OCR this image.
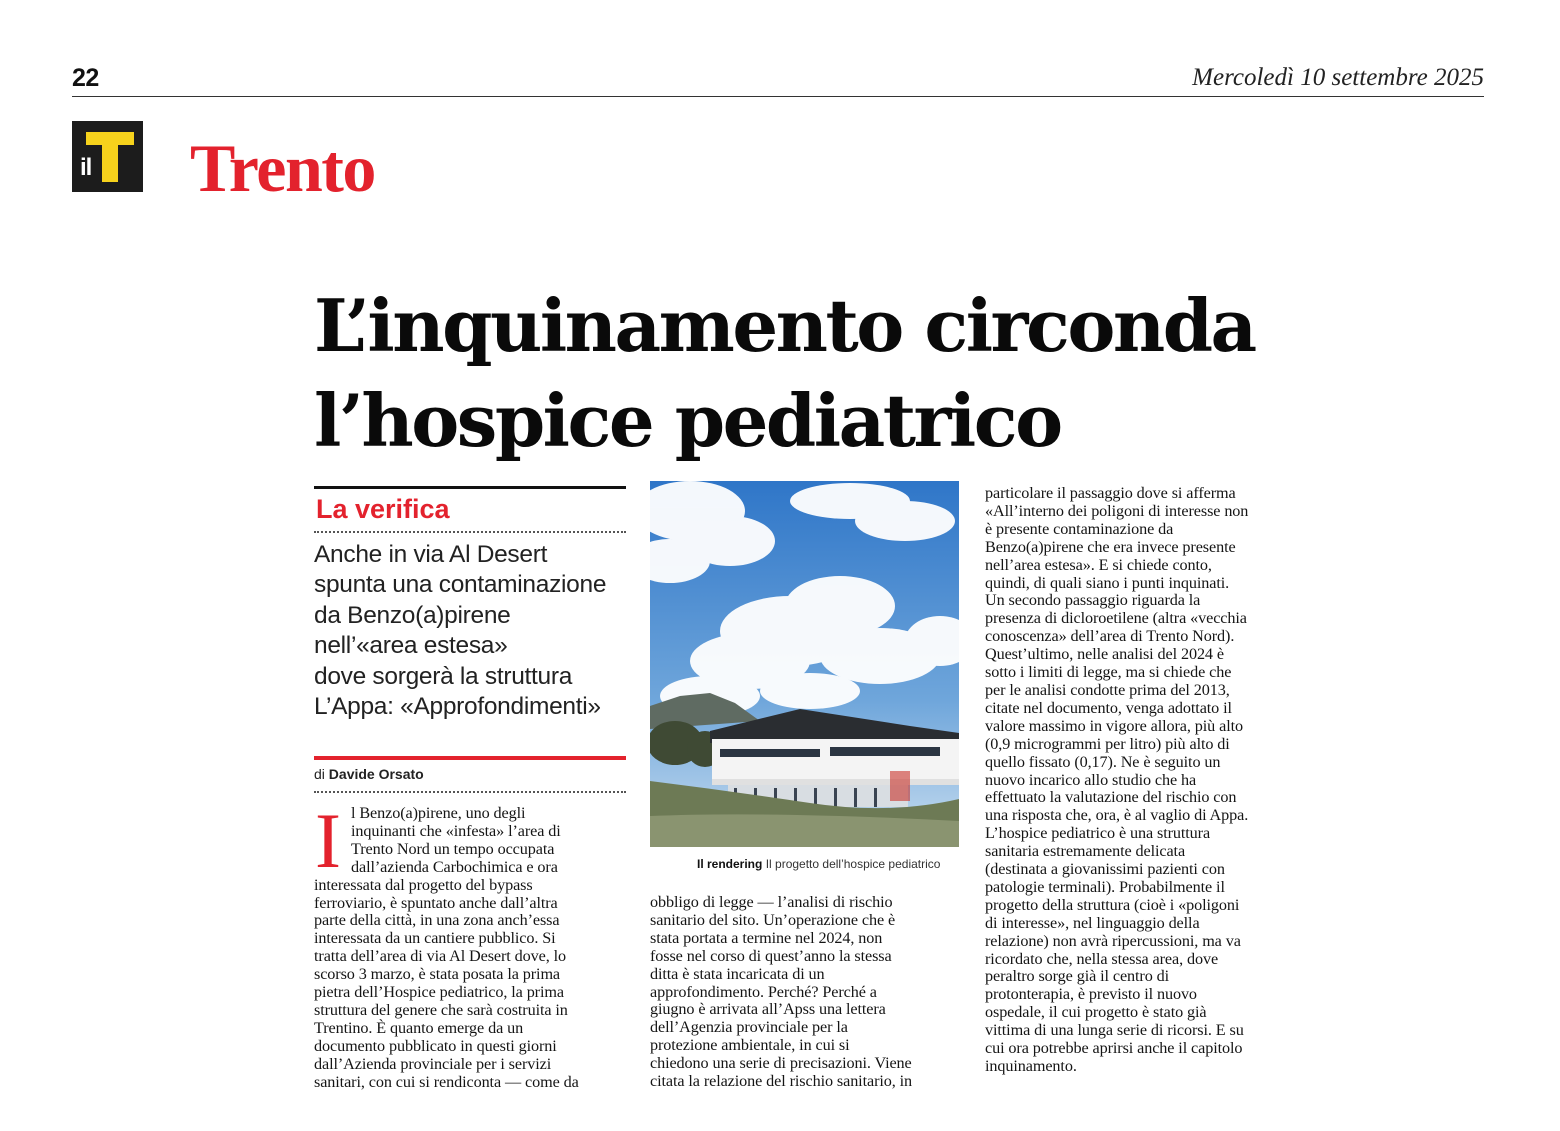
22	Mercoledì 10 settembre 2025
il Trento
L’inquinamento circonda
l’hospice pediatrico
La verifica
Anche in via Al Desert
spunta una contaminazione
da Benzo(a)pirene
nell’«area estesa»
dove sorgerà la struttura
L’Appa: «Approfondimenti»
di Davide Orsato
I l Benzo(a)pirene, uno degli
inquinanti che «infesta» l’area di
Trento Nord un tempo occupata
dall’azienda Carbochimica e ora
interessata dal progetto del bypass
ferroviario, è spuntato anche dall’altra
parte della città, in una zona anch’essa
interessata da un cantiere pubblico. Si
tratta dell’area di via Al Desert dove, lo
scorso 3 marzo, è stata posata la prima
pietra dell’Hospice pediatrico, la prima
struttura del genere che sarà costruita in
Trentino. È quanto emerge da un
documento pubblicato in questi giorni
dall’Azienda provinciale per i servizi
sanitari, con cui si rendiconta — come da
Il rendering Il progetto dell’hospice pediatrico
obbligo di legge — l’analisi di rischio
sanitario del sito. Un’operazione che è
stata portata a termine nel 2024, non
fosse nel corso di quest’anno la stessa
ditta è stata incaricata di un
approfondimento. Perché? Perché a
giugno è arrivata all’Apss una lettera
dell’Agenzia provinciale per la
protezione ambientale, in cui si
chiedono una serie di precisazioni. Viene
citata la relazione del rischio sanitario, in
particolare il passaggio dove si afferma
«All’interno dei poligoni di interesse non
è presente contaminazione da
Benzo(a)pirene che era invece presente
nell’area estesa». E si chiede conto,
quindi, di quali siano i punti inquinati.
Un secondo passaggio riguarda la
presenza di dicloroetilene (altra «vecchia
conoscenza» dell’area di Trento Nord).
Quest’ultimo, nelle analisi del 2024 è
sotto i limiti di legge, ma si chiede che
per le analisi condotte prima del 2013,
citate nel documento, venga adottato il
valore massimo in vigore allora, più alto
(0,9 microgrammi per litro) più alto di
quello fissato (0,17). Ne è seguito un
nuovo incarico allo studio che ha
effettuato la valutazione del rischio con
una risposta che, ora, è al vaglio di Appa.
L’hospice pediatrico è una struttura
sanitaria estremamente delicata
(destinata a giovanissimi pazienti con
patologie terminali). Probabilmente il
progetto della struttura (cioè i «poligoni
di interesse», nel linguaggio della
relazione) non avrà ripercussioni, ma va
ricordato che, nella stessa area, dove
peraltro sorge già il centro di
protonterapia, è previsto il nuovo
ospedale, il cui progetto è stato già
vittima di una lunga serie di ricorsi. E su
cui ora potrebbe aprirsi anche il capitolo
inquinamento.
